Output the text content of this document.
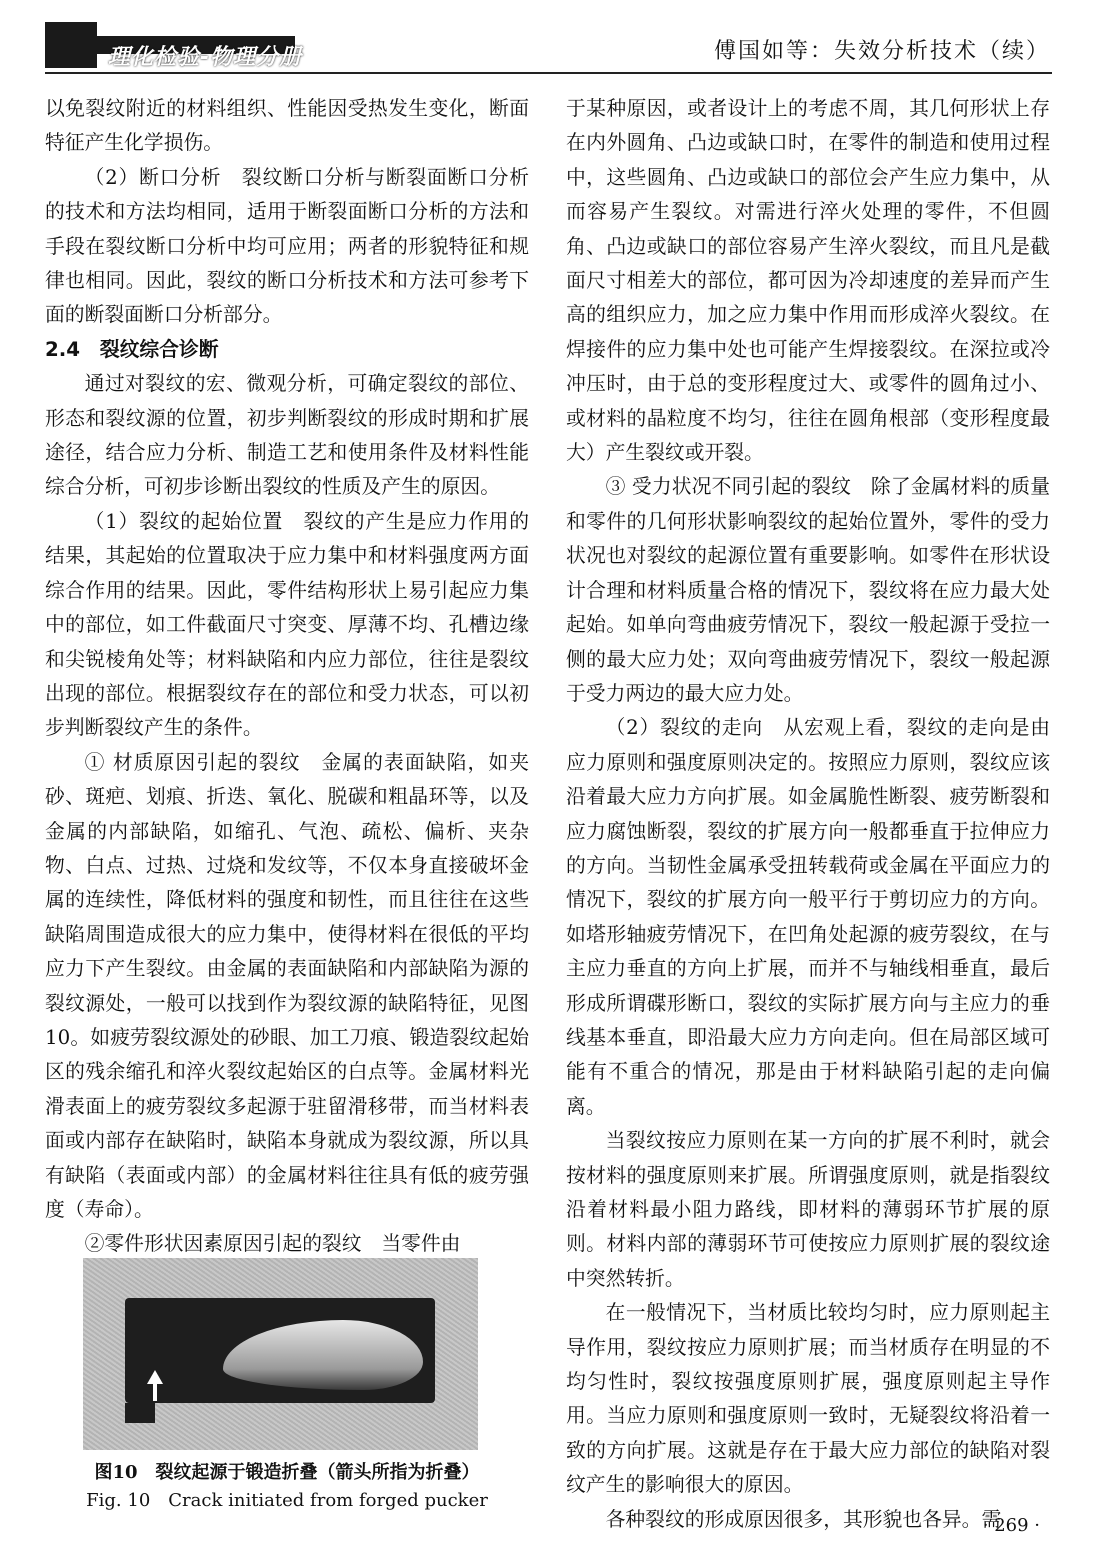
理化检验-物理分册	傅国如等：失效分析技术（续）

以免裂纹附近的材料组织、性能因受热发生变化，断面特征产生化学损伤。

（2）断口分析　裂纹断口分析与断裂面断口分析的技术和方法均相同，适用于断裂面断口分析的方法和手段在裂纹断口分析中均可应用；两者的形貌特征和规律也相同。因此，裂纹的断口分析技术和方法可参考下面的断裂面断口分析部分。

2.4　裂纹综合诊断

通过对裂纹的宏、微观分析，可确定裂纹的部位、形态和裂纹源的位置，初步判断裂纹的形成时期和扩展途径，结合应力分析、制造工艺和使用条件及材料性能综合分析，可初步诊断出裂纹的性质及产生的原因。

（1）裂纹的起始位置　裂纹的产生是应力作用的结果，其起始的位置取决于应力集中和材料强度两方面综合作用的结果。因此，零件结构形状上易引起应力集中的部位，如工件截面尺寸突变、厚薄不均、孔槽边缘和尖锐棱角处等；材料缺陷和内应力部位，往往是裂纹出现的部位。根据裂纹存在的部位和受力状态，可以初步判断裂纹产生的条件。

① 材质原因引起的裂纹　金属的表面缺陷，如夹砂、斑疤、划痕、折迭、氧化、脱碳和粗晶环等，以及金属的内部缺陷，如缩孔、气泡、疏松、偏析、夹杂物、白点、过热、过烧和发纹等，不仅本身直接破坏金属的连续性，降低材料的强度和韧性，而且往往在这些缺陷周围造成很大的应力集中，使得材料在很低的平均应力下产生裂纹。由金属的表面缺陷和内部缺陷为源的裂纹源处，一般可以找到作为裂纹源的缺陷特征，见图10。如疲劳裂纹源处的砂眼、加工刀痕、锻造裂纹起始区的残余缩孔和淬火裂纹起始区的白点等。金属材料光滑表面上的疲劳裂纹多起源于驻留滑移带，而当材料表面或内部存在缺陷时，缺陷本身就成为裂纹源，所以具有缺陷（表面或内部）的金属材料往往具有低的疲劳强度（寿命）。

②零件形状因素原因引起的裂纹　当零件由

图10　裂纹起源于锻造折叠（箭头所指为折叠）
Fig. 10　Crack initiated from forged pucker

于某种原因，或者设计上的考虑不周，其几何形状上存在内外圆角、凸边或缺口时，在零件的制造和使用过程中，这些圆角、凸边或缺口的部位会产生应力集中，从而容易产生裂纹。对需进行淬火处理的零件，不但圆角、凸边或缺口的部位容易产生淬火裂纹，而且凡是截面尺寸相差大的部位，都可因为冷却速度的差异而产生高的组织应力，加之应力集中作用而形成淬火裂纹。在焊接件的应力集中处也可能产生焊接裂纹。在深拉或冷冲压时，由于总的变形程度过大、或零件的圆角过小、或材料的晶粒度不均匀，往往在圆角根部（变形程度最大）产生裂纹或开裂。

③ 受力状况不同引起的裂纹　除了金属材料的质量和零件的几何形状影响裂纹的起始位置外，零件的受力状况也对裂纹的起源位置有重要影响。如零件在形状设计合理和材料质量合格的情况下，裂纹将在应力最大处起始。如单向弯曲疲劳情况下，裂纹一般起源于受拉一侧的最大应力处；双向弯曲疲劳情况下，裂纹一般起源于受力两边的最大应力处。

（2）裂纹的走向　从宏观上看，裂纹的走向是由应力原则和强度原则决定的。按照应力原则，裂纹应该沿着最大应力方向扩展。如金属脆性断裂、疲劳断裂和应力腐蚀断裂，裂纹的扩展方向一般都垂直于拉伸应力的方向。当韧性金属承受扭转载荷或金属在平面应力的情况下，裂纹的扩展方向一般平行于剪切应力的方向。如塔形轴疲劳情况下，在凹角处起源的疲劳裂纹，在与主应力垂直的方向上扩展，而并不与轴线相垂直，最后形成所谓碟形断口，裂纹的实际扩展方向与主应力的垂线基本垂直，即沿最大应力方向走向。但在局部区域可能有不重合的情况，那是由于材料缺陷引起的走向偏离。

当裂纹按应力原则在某一方向的扩展不利时，就会按材料的强度原则来扩展。所谓强度原则，就是指裂纹沿着材料最小阻力路线，即材料的薄弱环节扩展的原则。材料内部的薄弱环节可使按应力原则扩展的裂纹途中突然转折。

在一般情况下，当材质比较均匀时，应力原则起主导作用，裂纹按应力原则扩展；而当材质存在明显的不均匀性时，裂纹按强度原则扩展，强度原则起主导作用。当应力原则和强度原则一致时，无疑裂纹将沿着一致的方向扩展。这就是存在于最大应力部位的缺陷对裂纹产生的影响很大的原因。

各种裂纹的形成原因很多，其形貌也各异。需

· 269 ·
